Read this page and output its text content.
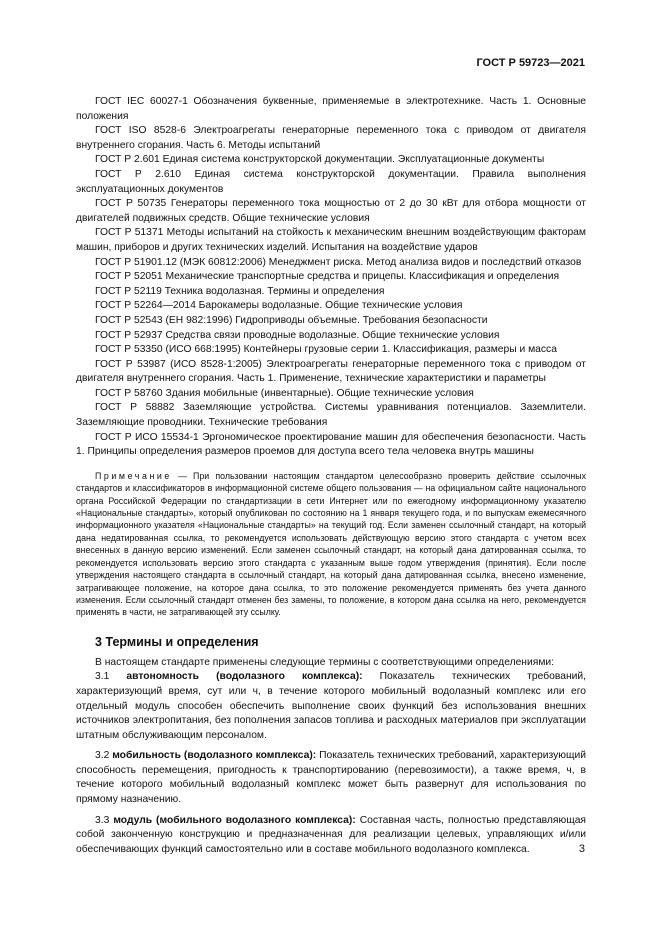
ГОСТ Р 59723—2021

ГОСТ IEC 60027-1 Обозначения буквенные, применяемые в электротехнике. Часть 1. Основные положения

ГОСТ ISO 8528-6 Электроагрегаты генераторные переменного тока с приводом от двигателя внутреннего сгорания. Часть 6. Методы испытаний

ГОСТ Р 2.601 Единая система конструкторской документации. Эксплуатационные документы

ГОСТ Р 2.610 Единая система конструкторской документации. Правила выполнения эксплуатационных документов

ГОСТ Р 50735 Генераторы переменного тока мощностью от 2 до 30 кВт для отбора мощности от двигателей подвижных средств. Общие технические условия

ГОСТ Р 51371 Методы испытаний на стойкость к механическим внешним воздействующим факторам машин, приборов и других технических изделий. Испытания на воздействие ударов

ГОСТ Р 51901.12 (МЭК 60812:2006) Менеджмент риска. Метод анализа видов и последствий отказов

ГОСТ Р 52051 Механические транспортные средства и прицепы. Классификация и определения

ГОСТ Р 52119 Техника водолазная. Термины и определения

ГОСТ Р 52264—2014 Барокамеры водолазные. Общие технические условия

ГОСТ Р 52543 (ЕН 982:1996) Гидроприводы объемные. Требования безопасности

ГОСТ Р 52937 Средства связи проводные водолазные. Общие технические условия

ГОСТ Р 53350 (ИСО 668:1995) Контейнеры грузовые серии 1. Классификация, размеры и масса

ГОСТ Р 53987 (ИСО 8528-1:2005) Электроагрегаты генераторные переменного тока с приводом от двигателя внутреннего сгорания. Часть 1. Применение, технические характеристики и параметры

ГОСТ Р 58760 Здания мобильные (инвентарные). Общие технические условия

ГОСТ Р 58882 Заземляющие устройства. Системы уравнивания потенциалов. Заземлители. Заземляющие проводники. Технические требования

ГОСТ Р ИСО 15534-1 Эргономическое проектирование машин для обеспечения безопасности. Часть 1. Принципы определения размеров проемов для доступа всего тела человека внутрь машины

Примечание — При пользовании настоящим стандартом целесообразно проверить действие ссылочных стандартов и классификаторов в информационной системе общего пользования — на официальном сайте национального органа Российской Федерации по стандартизации в сети Интернет или по ежегодному информационному указателю «Национальные стандарты», который опубликован по состоянию на 1 января текущего года, и по выпускам ежемесячного информационного указателя «Национальные стандарты» на текущий год. Если заменен ссылочный стандарт, на который дана недатированная ссылка, то рекомендуется использовать действующую версию этого стандарта с учетом всех внесенных в данную версию изменений. Если заменен ссылочный стандарт, на который дана датированная ссылка, то рекомендуется использовать версию этого стандарта с указанным выше годом утверждения (принятия). Если после утверждения настоящего стандарта в ссылочный стандарт, на который дана датированная ссылка, внесено изменение, затрагивающее положение, на которое дана ссылка, то это положение рекомендуется применять без учета данного изменения. Если ссылочный стандарт отменен без замены, то положение, в котором дана ссылка на него, рекомендуется применять в части, не затрагивающей эту ссылку.

3 Термины и определения

В настоящем стандарте применены следующие термины с соответствующими определениями:

3.1 автономность (водолазного комплекса): Показатель технических требований, характеризующий время, сут или ч, в течение которого мобильный водолазный комплекс или его отдельный модуль способен обеспечить выполнение своих функций без использования внешних источников электропитания, без пополнения запасов топлива и расходных материалов при эксплуатации штатным обслуживающим персоналом.

3.2 мобильность (водолазного комплекса): Показатель технических требований, характеризующий способность перемещения, пригодность к транспортированию (перевозимости), а также время, ч, в течение которого мобильный водолазный комплекс может быть развернут для использования по прямому назначению.

3.3 модуль (мобильного водолазного комплекса): Составная часть, полностью представляющая собой законченную конструкцию и предназначенная для реализации целевых, управляющих и/или обеспечивающих функций самостоятельно или в составе мобильного водолазного комплекса.	3
